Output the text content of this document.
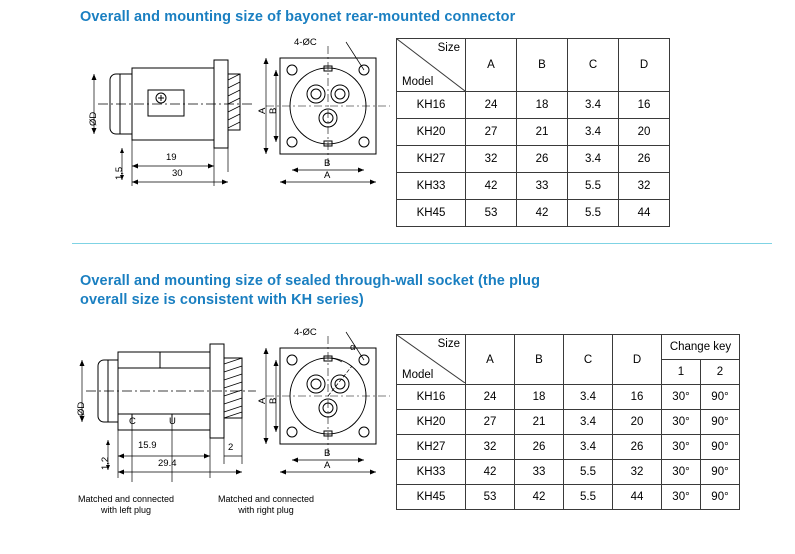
Overall and mounting size of bayonet rear-mounted connector
ØD
19
30
1,5
4-ØC
A B
B
A
Size
Model	A	B	C	D
KH16	24	18	3.4	16
KH20	27	21	3.4	20
KH27	32	26	3.4	26
KH33	42	33	5.5	32
KH45	53	42	5.5	44
Overall and mounting size of sealed through-wall socket (the plug overall size is consistent with KH series)
ØD
15.9	2
29.4
1,2
C	U
Matched and connected
with left plug
Matched and connected
with right plug
4-ØC
α
A B
B
A
Size
Model	A	B	C	D	Change key	
					1	2
KH16	24	18	3.4	16	30°	90°
KH20	27	21	3.4	20	30°	90°
KH27	32	26	3.4	26	30°	90°
KH33	42	33	5.5	32	30°	90°
KH45	53	42	5.5	44	30°	90°
